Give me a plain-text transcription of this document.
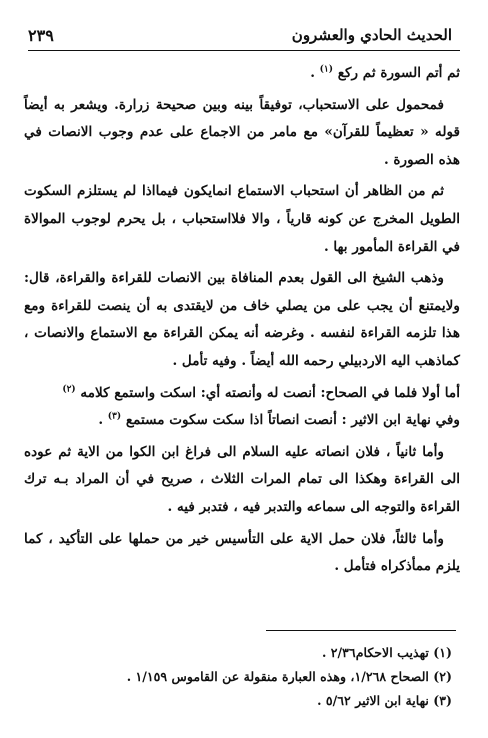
٢٣٩	الحديث الحادي والعشرون

ثم أتم السورة ثم ركع $^{(١)}$ .

فمحمول على الاستحباب، توفيقاً بينه وبين صحيحة زرارة. ويشعر به أيضاً قوله « تعظيماً للقرآن» مع مامر من الاجماع على عدم وجوب الانصات في هذه الصورة .

ثم من الظاهر أن استحباب الاستماع انمايكون فيمااذا لم يستلزم السكوت الطويل المخرج عن كونه قارياً ، والا فلااستحباب ، بل يحرم لوجوب الموالاة في القراءة المأمور بها .

وذهب الشيخ الى القول بعدم المنافاة بين الانصات للقراءة والقراءة، قال: ولايمتنع أن يجب على من يصلي خاف من لايقتدى به أن ينصت للقراءة ومع هذا تلزمه القراءة لنفسه . وغرضه أنه يمكن القراءة مع الاستماع والانصات ، كماذهب اليه الاردبيلي رحمه الله أيضاً . وفيه تأمل .

أما أولا فلما في الصحاح: أنصت له وأنصته أي: اسكت واستمع كلامه $^{(٢)}$

وفي نهاية ابن الاثير : أنصت انصاتاً اذا سكت سكوت مستمع $^{(٣)}$ .

وأما ثانياً ، فلان انصاته عليه السلام الى فراغ ابن الكوا من الاية ثم عوده الى القراءة وهكذا الى تمام المرات الثلاث ، صريح في أن المراد بـه ترك القراءة والتوجه الى سماعه والتدبر فيه ، فتدبر فيه .

وأما ثالثاً، فلان حمل الاية على التأسيس خير من حملها على التأكيد ، كما يلزم ممأذكراه فتأمل .

(١) تهذيب الاحكام٢/٣٦ .
(٢) الصحاح ١/٢٦٨، وهذه العبارة منقولة عن القاموس ١/١٥٩ .
(٣) نهاية ابن الاثير ٥/٦٢ .
